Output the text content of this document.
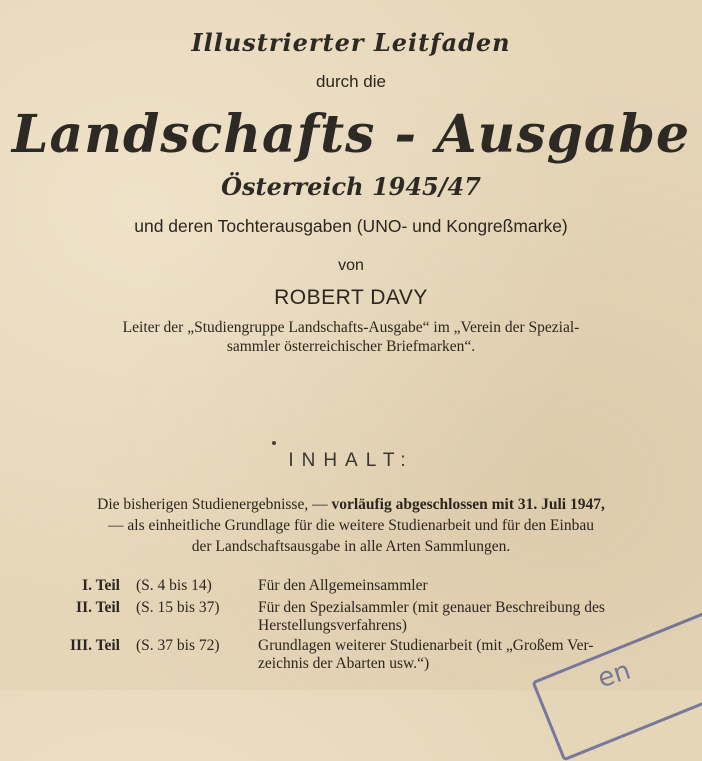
Illustrierter Leitfaden
durch die
Landschafts - Ausgabe
Österreich 1945/47
und deren Tochterausgaben (UNO- und Kongreßmarke)
von
ROBERT DAVY
Leiter der „Studiengruppe Landschafts-Ausgabe“ im „Verein der Spezial-
sammler österreichischer Briefmarken“.
INHALT:
Die bisherigen Studienergebnisse, — vorläufig abgeschlossen mit 31. Juli 1947,
— als einheitliche Grundlage für die weitere Studienarbeit und für den Einbau
der Landschaftsausgabe in alle Arten Sammlungen.
I. Teil (S. 4 bis 14)	Für den Allgemeinsammler
II. Teil (S. 15 bis 37)	Für den Spezialsammler (mit genauer Beschreibung des
Herstellungsverfahrens)
III. Teil (S. 37 bis 72)	Grundlagen weiterer Studienarbeit (mit „Großem Ver-
zeichnis der Abarten usw.“)	en
